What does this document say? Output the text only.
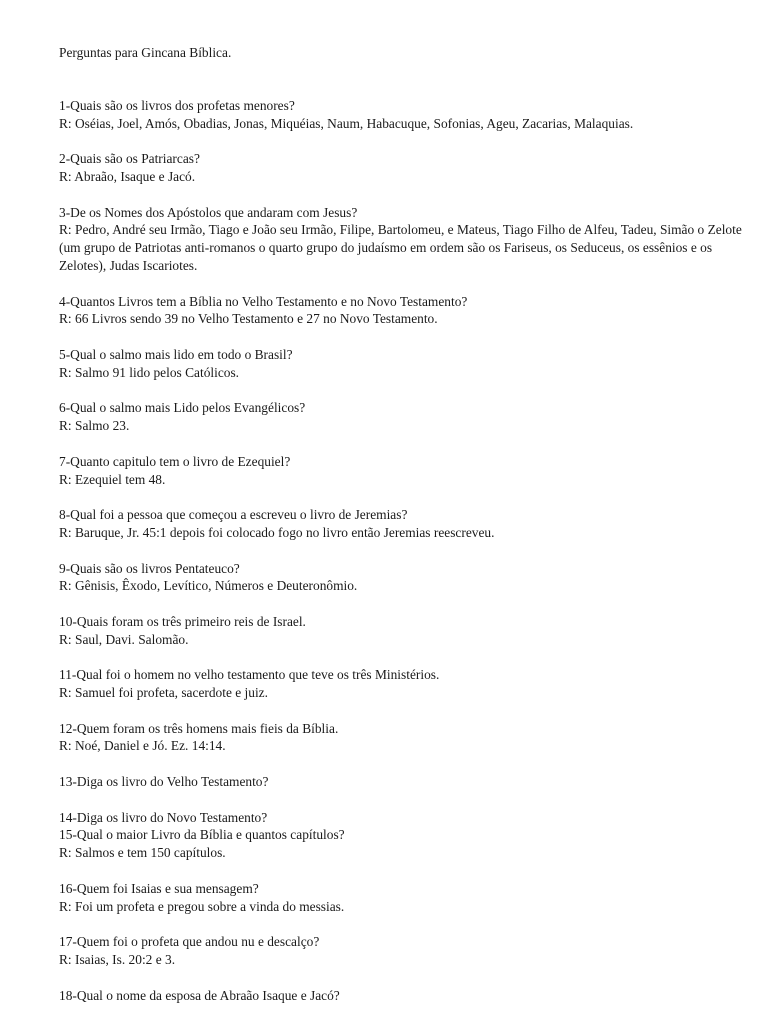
Perguntas para Gincana Bíblica.
1-Quais são os livros dos profetas menores?
R: Oséias, Joel, Amós, Obadias, Jonas, Miquéias, Naum, Habacuque, Sofonias, Ageu, Zacarias, Malaquias.
2-Quais são os Patriarcas?
R: Abraão, Isaque e Jacó.
3-De os Nomes dos Apóstolos que andaram com Jesus?
R: Pedro, André seu Irmão, Tiago e João seu Irmão, Filipe, Bartolomeu, e Mateus, Tiago Filho de Alfeu, Tadeu, Simão o Zelote (um grupo de Patriotas anti-romanos o quarto grupo do judaísmo em ordem são os Fariseus, os Seduceus, os essênios e os Zelotes), Judas Iscariotes.
4-Quantos Livros tem a Bíblia no Velho Testamento e no Novo Testamento?
R: 66 Livros sendo 39 no Velho Testamento e 27 no Novo Testamento.
5-Qual o salmo mais lido em todo o Brasil?
R: Salmo 91 lido pelos Católicos.
6-Qual o salmo mais Lido pelos Evangélicos?
R: Salmo 23.
7-Quanto capitulo tem o livro de Ezequiel?
R: Ezequiel tem 48.
8-Qual foi a pessoa que começou a escreveu o livro de Jeremias?
R: Baruque, Jr. 45:1 depois foi colocado fogo no livro então Jeremias reescreveu.
9-Quais são os livros Pentateuco?
R: Gênisis, Êxodo, Levítico, Números e Deuteronômio.
10-Quais foram os três primeiro reis de Israel.
R: Saul, Davi. Salomão.
11-Qual foi o homem no velho testamento que teve os três Ministérios.
R: Samuel foi profeta, sacerdote e juiz.
12-Quem foram os três homens mais fieis da Bíblia.
R: Noé, Daniel e Jó. Ez. 14:14.
13-Diga os livro do Velho Testamento?
14-Diga os livro do Novo Testamento?
15-Qual o maior Livro da Bíblia e quantos capítulos?
R: Salmos e tem 150 capítulos.
16-Quem foi Isaias e sua mensagem?
R: Foi um profeta e pregou sobre a vinda do messias.
17-Quem foi o profeta que andou nu e descalço?
R: Isaias, Is. 20:2 e 3.
18-Qual o nome da esposa de Abraão Isaque e Jacó?
